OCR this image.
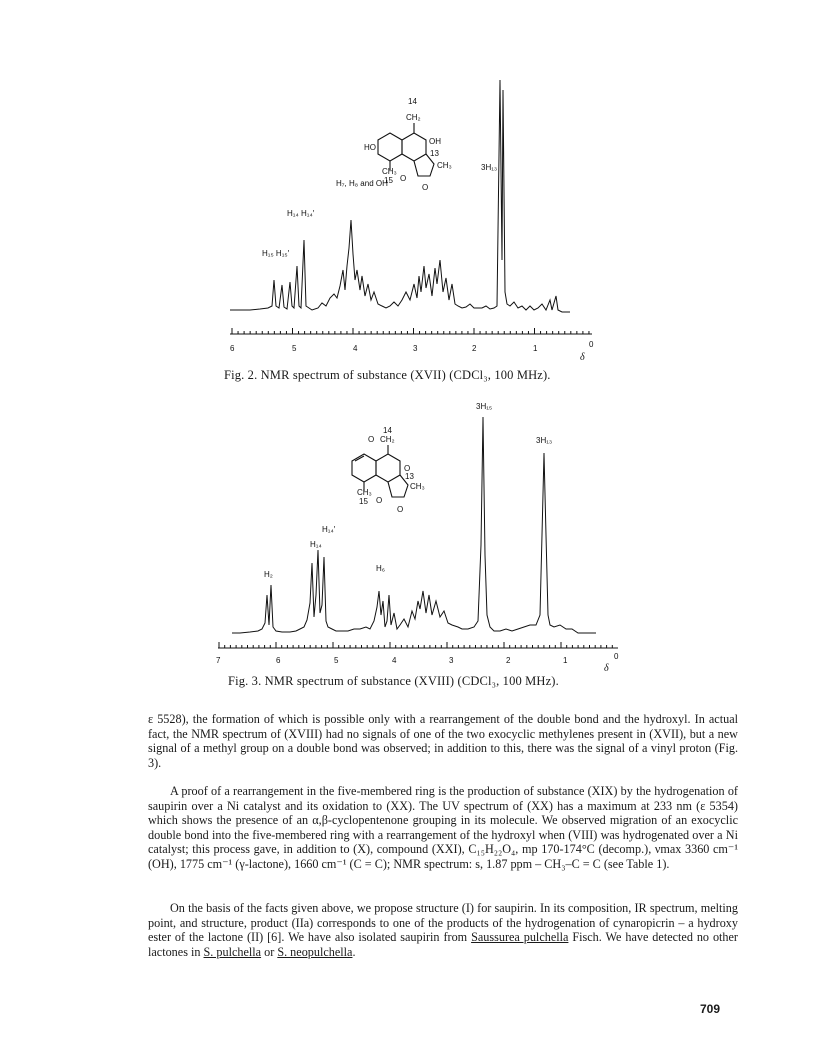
14
CH₂
HO
OH
CH₃
CH₃
O
O
13
15
H₁₅ H₁₅′
H₁₄ H₁₄′
H₇, H₈ and OH
3H₁₃
6	5	4	3	2	1	0
δ
Fig. 2. NMR spectrum of substance (XVII) (CDCl₃, 100 MHz).
14
CH₂
O
O
CH₃
CH₃
O
O
13
15
H₂
H₁₄
H₁₄′
H₆
3H₁₅
3H₁₃
7	6	5	4	3	2	1	0
δ
Fig. 3. NMR spectrum of substance (XVIII) (CDCl₃, 100 MHz).

ε 5528), the formation of which is possible only with a rearrangement of the double bond and the hydroxyl. In actual fact, the NMR spectrum of (XVIII) had no signals of one of the two exocyclic methylenes present in (XVII), but a new signal of a methyl group on a double bond was observed; in addition to this, there was the signal of a vinyl proton (Fig. 3).

A proof of a rearrangement in the five-membered ring is the production of substance (XIX) by the hydrogenation of saupirin over a Ni catalyst and its oxidation to (XX). The UV spectrum of (XX) has a maximum at 233 nm (ε 5354) which shows the presence of an α,β-cyclopentenone grouping in its molecule. We observed migration of an exocyclic double bond into the five-membered ring with a rearrangement of the hydroxyl when (VIII) was hydrogenated over a Ni catalyst; this process gave, in addition to (X), compound (XXI), C₁₅H₂₂O₄, mp 170-174°C (decomp.), νmax 3360 cm⁻¹ (OH), 1775 cm⁻¹ (γ-lactone), 1660 cm⁻¹ (C = C); NMR spectrum: s, 1.87 ppm – CH₃–C = C (see Table 1).

On the basis of the facts given above, we propose structure (I) for saupirin. In its composition, IR spectrum, melting point, and structure, product (IIa) corresponds to one of the products of the hydrogenation of cynaropicrin – a hydroxy ester of the lactone (II) [6]. We have also isolated saupirin from Saussurea pulchella Fisch. We have detected no other lactones in S. pulchella or S. neopulchella.

709
